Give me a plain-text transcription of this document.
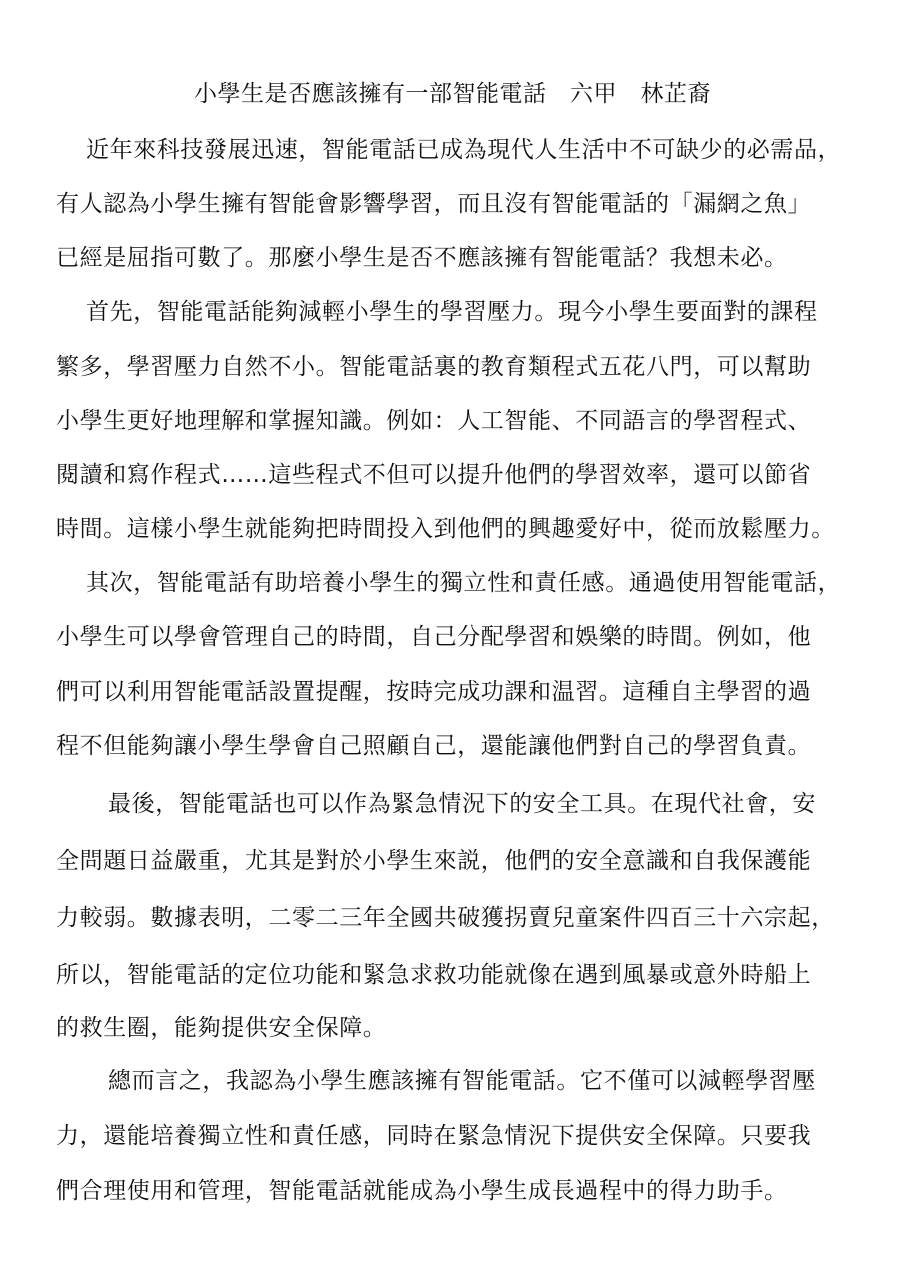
小學生是否應該擁有一部智能電話　六甲　林芷裔
近年來科技發展迅速，智能電話已成為現代人生活中不可缺少的必需品，
有人認為小學生擁有智能會影響學習，而且沒有智能電話的「漏網之魚」
已經是屈指可數了。那麼小學生是否不應該擁有智能電話？我想未必。
首先，智能電話能夠減輕小學生的學習壓力。現今小學生要面對的課程
繁多，學習壓力自然不小。智能電話裏的教育類程式五花八門，可以幫助
小學生更好地理解和掌握知識。例如：人工智能、不同語言的學習程式、
閱讀和寫作程式……這些程式不但可以提升他們的學習效率，還可以節省
時間。這樣小學生就能夠把時間投入到他們的興趣愛好中，從而放鬆壓力。
其次，智能電話有助培養小學生的獨立性和責任感。通過使用智能電話，
小學生可以學會管理自己的時間，自己分配學習和娛樂的時間。例如，他
們可以利用智能電話設置提醒，按時完成功課和温習。這種自主學習的過
程不但能夠讓小學生學會自己照顧自己，還能讓他們對自己的學習負責。
最後，智能電話也可以作為緊急情況下的安全工具。在現代社會，安
全問題日益嚴重，尤其是對於小學生來説，他們的安全意識和自我保護能
力較弱。數據表明，二零二三年全國共破獲拐賣兒童案件四百三十六宗起，
所以，智能電話的定位功能和緊急求救功能就像在遇到風暴或意外時船上
的救生圈，能夠提供安全保障。
總而言之，我認為小學生應該擁有智能電話。它不僅可以減輕學習壓
力，還能培養獨立性和責任感，同時在緊急情況下提供安全保障。只要我
們合理使用和管理，智能電話就能成為小學生成長過程中的得力助手。
